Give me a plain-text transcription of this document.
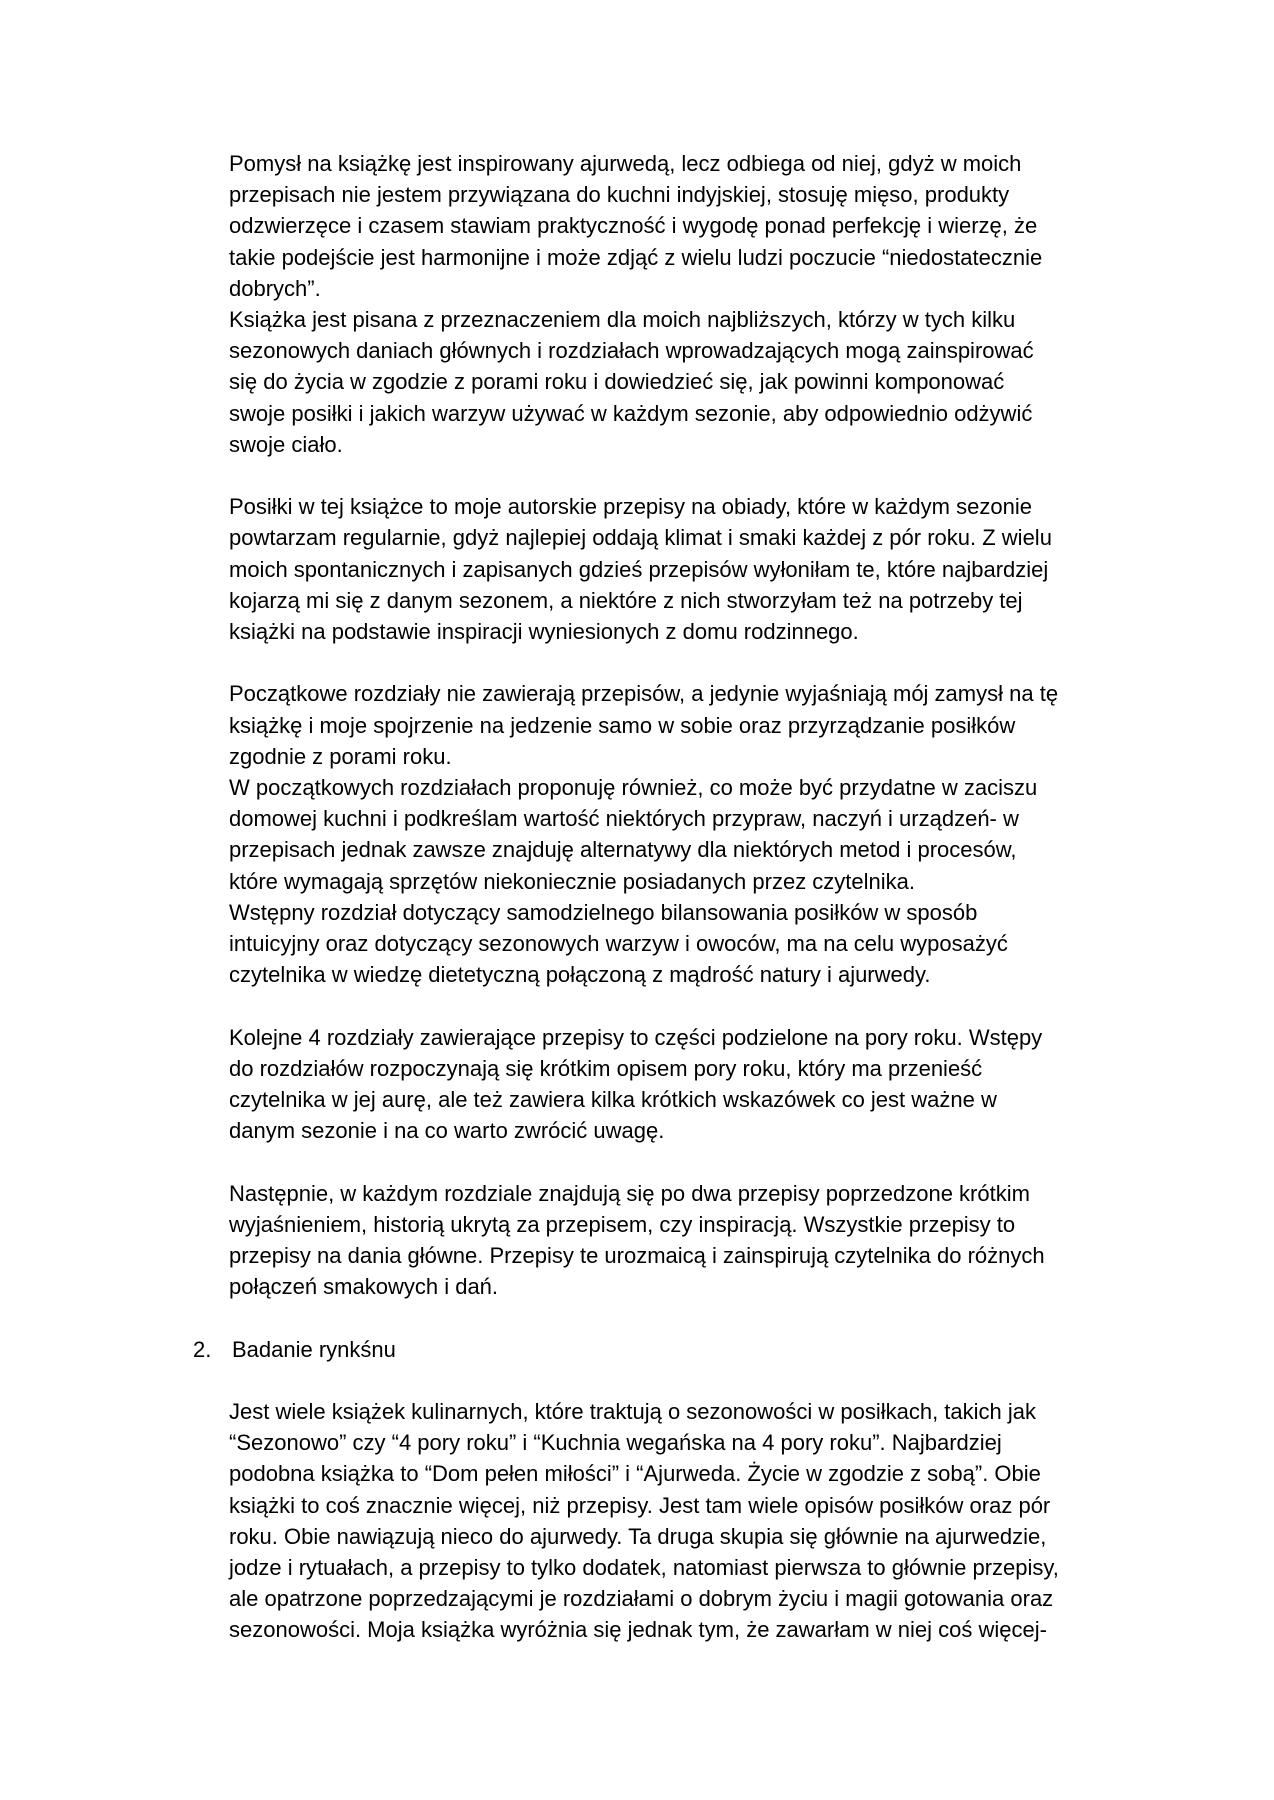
Pomysł na książkę jest inspirowany ajurwedą, lecz odbiega od niej, gdyż w moich
przepisach nie jestem przywiązana do kuchni indyjskiej, stosuję mięso, produkty
odzwierzęce i czasem stawiam praktyczność i wygodę ponad perfekcję i wierzę, że
takie podejście jest harmonijne i może zdjąć z wielu ludzi poczucie “niedostatecznie
dobrych”.
Książka jest pisana z przeznaczeniem dla moich najbliższych, którzy w tych kilku
sezonowych daniach głównych i rozdziałach wprowadzających mogą zainspirować
się do życia w zgodzie z porami roku i dowiedzieć się, jak powinni komponować
swoje posiłki i jakich warzyw używać w każdym sezonie, aby odpowiednio odżywić
swoje ciało.
Posiłki w tej książce to moje autorskie przepisy na obiady, które w każdym sezonie
powtarzam regularnie, gdyż najlepiej oddają klimat i smaki każdej z pór roku. Z wielu
moich spontanicznych i zapisanych gdzieś przepisów wyłoniłam te, które najbardziej
kojarzą mi się z danym sezonem, a niektóre z nich stworzyłam też na potrzeby tej
książki na podstawie inspiracji wyniesionych z domu rodzinnego.
Początkowe rozdziały nie zawierają przepisów, a jedynie wyjaśniają mój zamysł na tę
książkę i moje spojrzenie na jedzenie samo w sobie oraz przyrządzanie posiłków
zgodnie z porami roku.
W początkowych rozdziałach proponuję również, co może być przydatne w zaciszu
domowej kuchni i podkreślam wartość niektórych przypraw, naczyń i urządzeń- w
przepisach jednak zawsze znajduję alternatywy dla niektórych metod i procesów,
które wymagają sprzętów niekoniecznie posiadanych przez czytelnika.
Wstępny rozdział dotyczący samodzielnego bilansowania posiłków w sposób
intuicyjny oraz dotyczący sezonowych warzyw i owoców, ma na celu wyposażyć
czytelnika w wiedzę dietetyczną połączoną z mądrość natury i ajurwedy.
Kolejne 4 rozdziały zawierające przepisy to części podzielone na pory roku. Wstępy
do rozdziałów rozpoczynają się krótkim opisem pory roku, który ma przenieść
czytelnika w jej aurę, ale też zawiera kilka krótkich wskazówek co jest ważne w
danym sezonie i na co warto zwrócić uwagę.
Następnie, w każdym rozdziale znajdują się po dwa przepisy poprzedzone krótkim
wyjaśnieniem, historią ukrytą za przepisem, czy inspiracją. Wszystkie przepisy to
przepisy na dania główne. Przepisy te urozmaicą i zainspirują czytelnika do różnych
połączeń smakowych i dań.
2. Badanie rynkśnu
Jest wiele książek kulinarnych, które traktują o sezonowości w posiłkach, takich jak
“Sezonowo” czy “4 pory roku” i “Kuchnia wegańska na 4 pory roku”. Najbardziej
podobna książka to “Dom pełen miłości” i “Ajurweda. Życie w zgodzie z sobą”. Obie
książki to coś znacznie więcej, niż przepisy. Jest tam wiele opisów posiłków oraz pór
roku. Obie nawiązują nieco do ajurwedy. Ta druga skupia się głównie na ajurwedzie,
jodze i rytuałach, a przepisy to tylko dodatek, natomiast pierwsza to głównie przepisy,
ale opatrzone poprzedzającymi je rozdziałami o dobrym życiu i magii gotowania oraz
sezonowości. Moja książka wyróżnia się jednak tym, że zawarłam w niej coś więcej-
